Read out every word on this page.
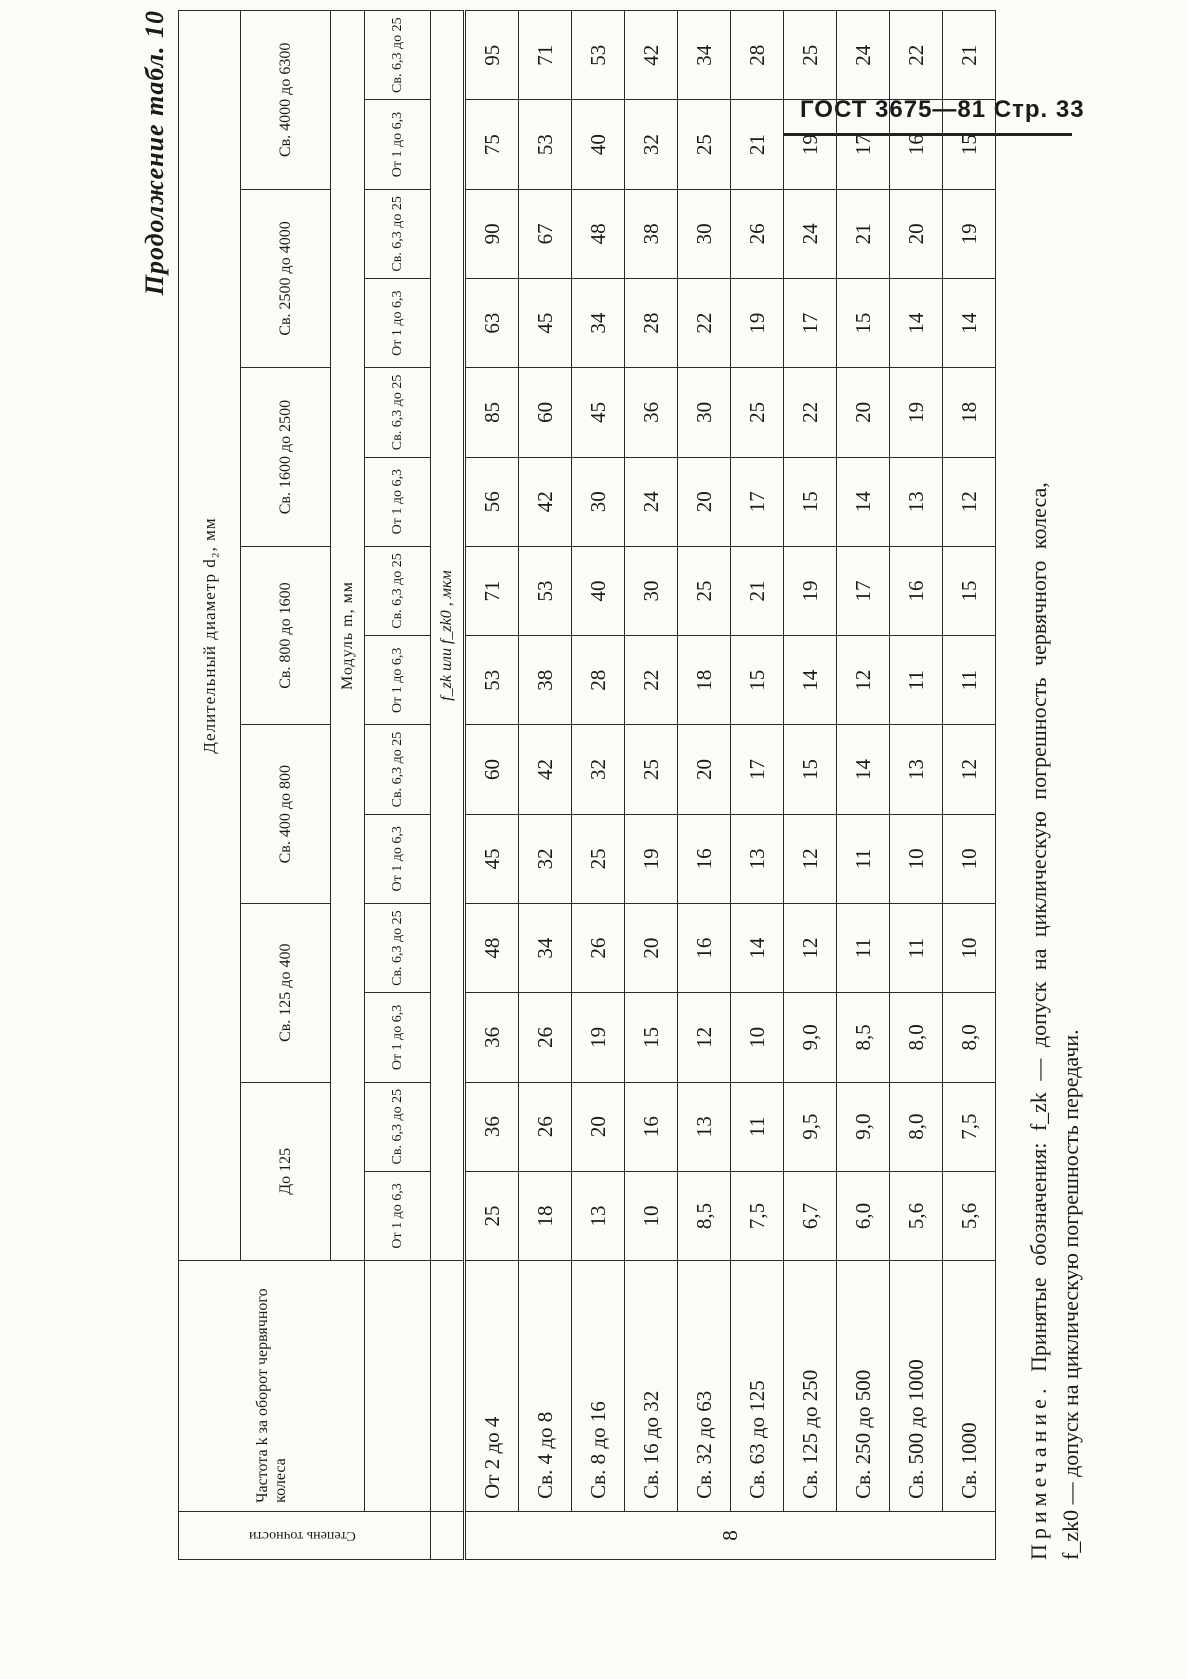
ГОСТ 3675—81 Стр. 33
Продолжение табл. 10
Степень точности	Частота k за оборот червячного колеса	Делительный диаметр d₂, мм													
		До 125		Св. 125 до 400		Св. 400 до 800		Св. 800 до 1600		Св. 1600 до 2500		Св. 2500 до 4000		Св. 4000 до 6300	
		Модуль m, мм													
		От 1 до 6,3	Св. 6,3 до 25	От 1 до 6,3	Св. 6,3 до 25	От 1 до 6,3	Св. 6,3 до 25	От 1 до 6,3	Св. 6,3 до 25	От 1 до 6,3	Св. 6,3 до 25	От 1 до 6,3	Св. 6,3 до 25	От 1 до 6,3	Св. 6,3 до 25
		f_zk или f_zk0 , мкм													
8	От 2 до 4	25	36	36	48	45	60	53	71	56	85	63	90	75	95
	Св. 4 до 8	18	26	26	34	32	42	38	53	42	60	45	67	53	71
	Св. 8 до 16	13	20	19	26	25	32	28	40	30	45	34	48	40	53
	Св. 16 до 32	10	16	15	20	19	25	22	30	24	36	28	38	32	42
	Св. 32 до 63	8,5	13	12	16	16	20	18	25	20	30	22	30	25	34
	Св. 63 до 125	7,5	11	10	14	13	17	15	21	17	25	19	26	21	28
	Св. 125 до 250	6,7	9,5	9,0	12	12	15	14	19	15	22	17	24	19	25
	Св. 250 до 500	6,0	9,0	8,5	11	11	14	12	17	14	20	15	21	17	24
	Св. 500 до 1000	5,6	8,0	8,0	11	10	13	11	16	13	19	14	20	16	22
	Св. 1000	5,6	7,5	8,0	10	10	12	11	15	12	18	14	19	15	21
Примечание. Принятые обозначения: f_zk — допуск на циклическую погрешность червячного колеса, f_zk0 — допуск на циклическую погрешность передачи.
